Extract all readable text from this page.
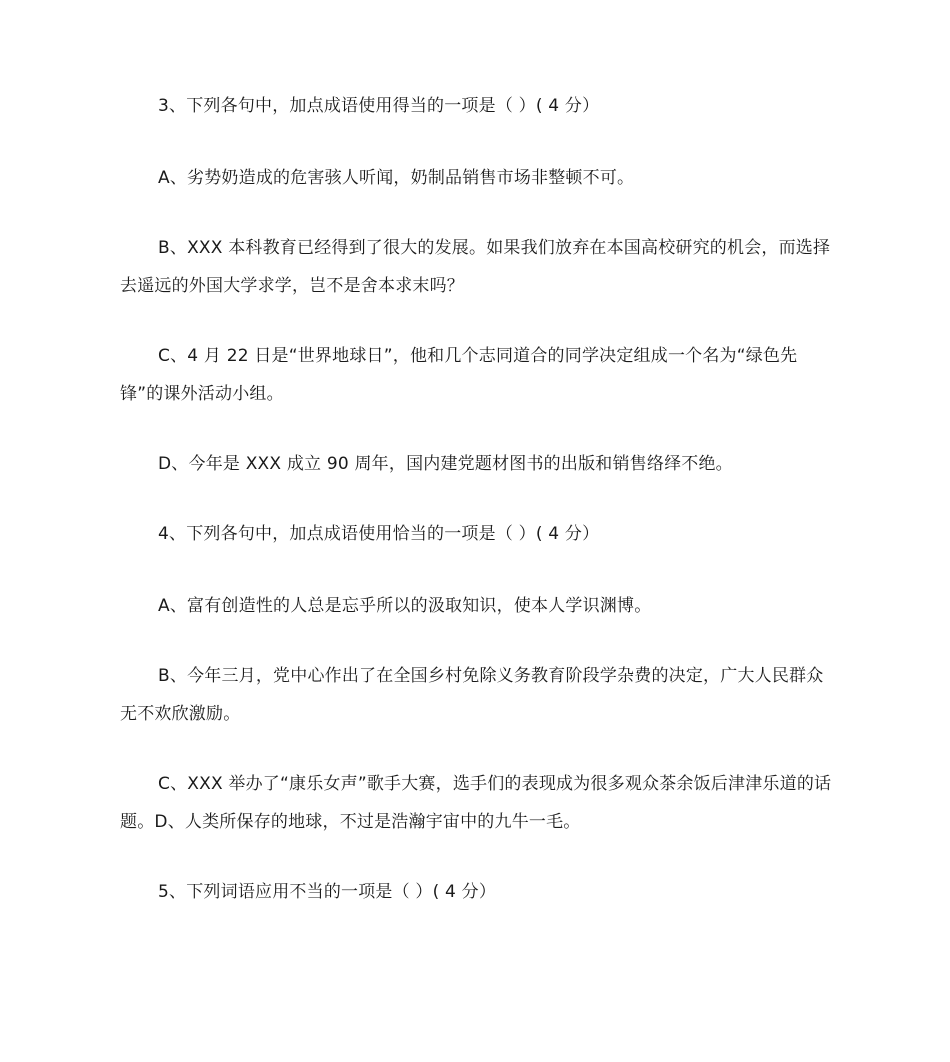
3、下列各句中，加点成语使用得当的一项是（ ）( 4 分）

A、劣势奶造成的危害骇人听闻，奶制品销售市场非整顿不可。

B、XXX 本科教育已经得到了很大的发展。如果我们放弃在本国高校研究的机会，而选择去遥远的外国大学求学，岂不是舍本求末吗？

C、4 月 22 日是“世界地球日”，他和几个志同道合的同学决定组成一个名为“绿色先锋”的课外活动小组。

D、今年是 XXX 成立 90 周年，国内建党题材图书的出版和销售络绎不绝。

4、下列各句中，加点成语使用恰当的一项是（ ）( 4 分）

A、富有创造性的人总是忘乎所以的汲取知识，使本人学识渊博。

B、今年三月，党中心作出了在全国乡村免除义务教育阶段学杂费的决定，广大人民群众无不欢欣激励。

C、XXX 举办了“康乐女声”歌手大赛，选手们的表现成为很多观众茶余饭后津津乐道的话题。D、人类所保存的地球，不过是浩瀚宇宙中的九牛一毛。

5、下列词语应用不当的一项是（ ）( 4 分）
